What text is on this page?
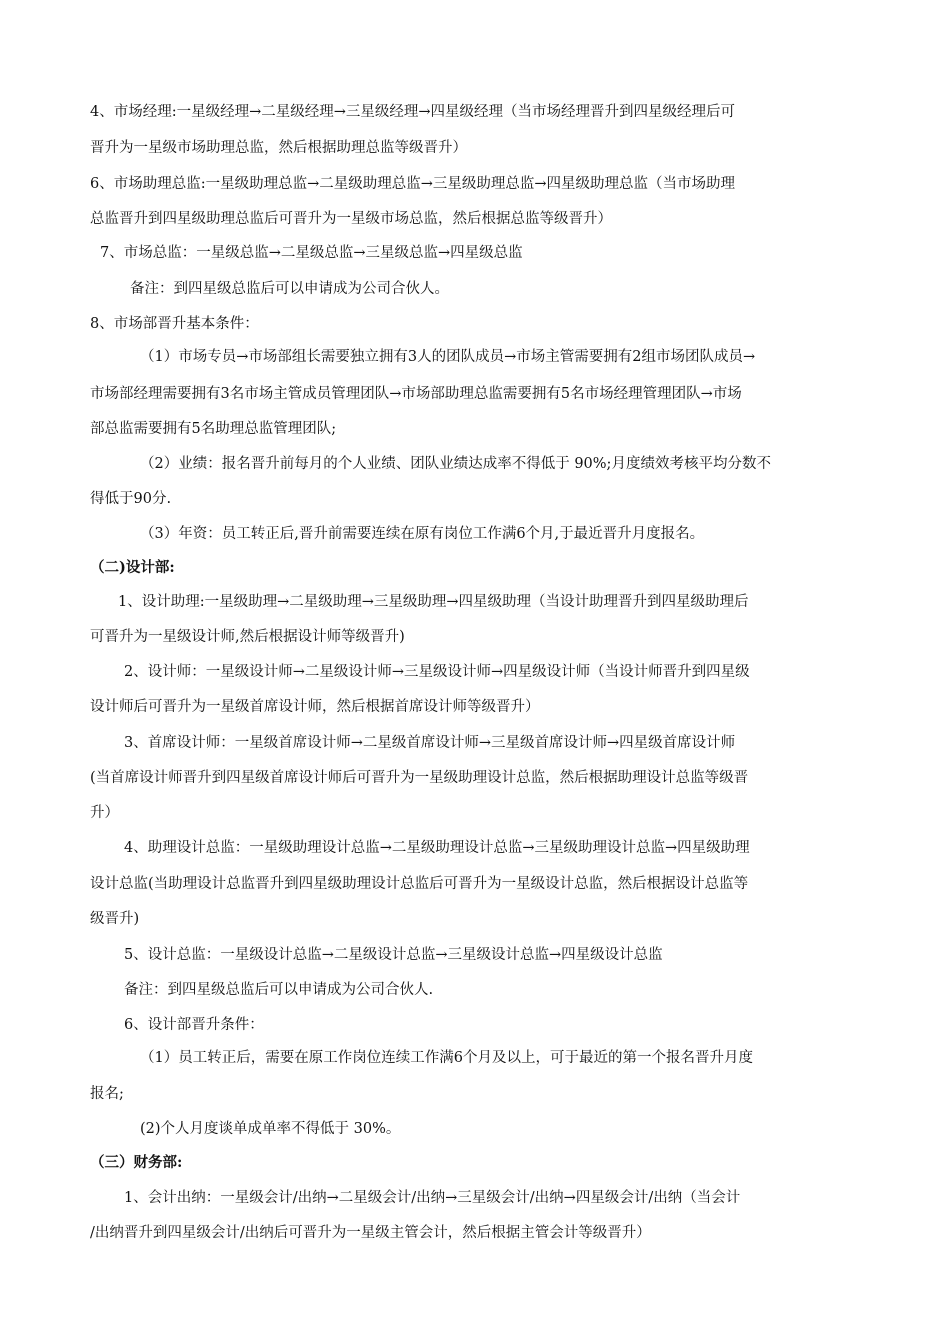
4、市场经理:一星级经理→二星级经理→三星级经理→四星级经理（当市场经理晋升到四星级经理后可
晋升为一星级市场助理总监，然后根据助理总监等级晋升）
6、市场助理总监:一星级助理总监→二星级助理总监→三星级助理总监→四星级助理总监（当市场助理
总监晋升到四星级助理总监后可晋升为一星级市场总监，然后根据总监等级晋升）
7、市场总监：一星级总监→二星级总监→三星级总监→四星级总监
备注：到四星级总监后可以申请成为公司合伙人。
8、市场部晋升基本条件：
（1）市场专员→市场部组长需要独立拥有3人的团队成员→市场主管需要拥有2组市场团队成员→
市场部经理需要拥有3名市场主管成员管理团队→市场部助理总监需要拥有5名市场经理管理团队→市场
部总监需要拥有5名助理总监管理团队;
（2）业绩：报名晋升前每月的个人业绩、团队业绩达成率不得低于 90%;月度绩效考核平均分数不
得低于90分.
（3）年资：员工转正后,晋升前需要连续在原有岗位工作满6个月,于最近晋升月度报名。
（二)设计部:
1、设计助理:一星级助理→二星级助理→三星级助理→四星级助理（当设计助理晋升到四星级助理后
可晋升为一星级设计师,然后根据设计师等级晋升)
2、设计师：一星级设计师→二星级设计师→三星级设计师→四星级设计师（当设计师晋升到四星级
设计师后可晋升为一星级首席设计师，然后根据首席设计师等级晋升）
3、首席设计师：一星级首席设计师→二星级首席设计师→三星级首席设计师→四星级首席设计师
(当首席设计师晋升到四星级首席设计师后可晋升为一星级助理设计总监，然后根据助理设计总监等级晋
升）
4、助理设计总监：一星级助理设计总监→二星级助理设计总监→三星级助理设计总监→四星级助理
设计总监(当助理设计总监晋升到四星级助理设计总监后可晋升为一星级设计总监，然后根据设计总监等
级晋升)
5、设计总监：一星级设计总监→二星级设计总监→三星级设计总监→四星级设计总监
备注：到四星级总监后可以申请成为公司合伙人.
6、设计部晋升条件：
（1）员工转正后，需要在原工作岗位连续工作满6个月及以上，可于最近的第一个报名晋升月度
报名;
(2)个人月度谈单成单率不得低于 30%。
（三）财务部:
1、会计出纳：一星级会计/出纳→二星级会计/出纳→三星级会计/出纳→四星级会计/出纳（当会计
/出纳晋升到四星级会计/出纳后可晋升为一星级主管会计，然后根据主管会计等级晋升）
